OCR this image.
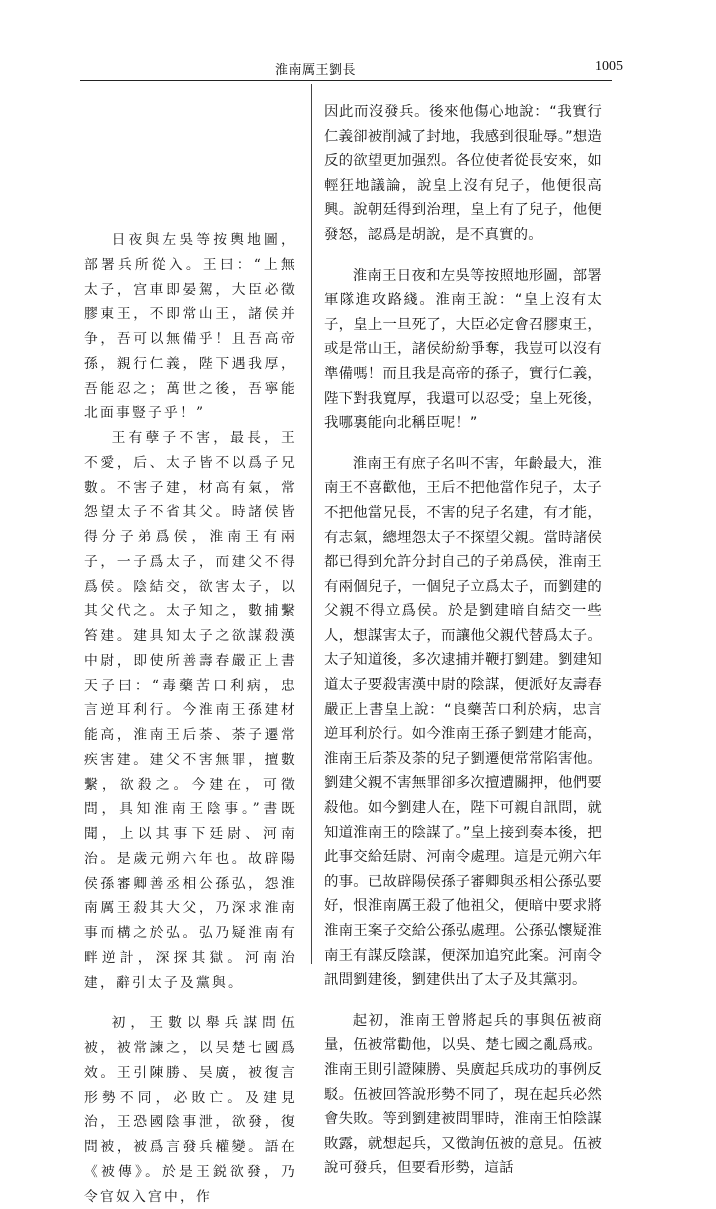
淮南厲王劉長	1005

日夜與左吳等按輿地圖，部署兵所從入。王曰：“上無太子，宫車即晏駕，大臣必徵膠東王，不即常山王，諸侯并争，吾可以無備乎！且吾高帝孫，親行仁義，陛下遇我厚，吾能忍之；萬世之後，吾寧能北面事豎子乎！”

王有孽子不害，最長，王不愛，后、太子皆不以爲子兄數。不害子建，材高有氣，常怨望太子不省其父。時諸侯皆得分子弟爲侯，淮南王有兩子，一子爲太子，而建父不得爲侯。陰結交，欲害太子，以其父代之。太子知之，數捕繫笞建。建具知太子之欲謀殺漢中尉，即使所善壽春嚴正上書天子曰：“毒藥苦口利病，忠言逆耳利行。今淮南王孫建材能高，淮南王后荼、荼子遷常疾害建。建父不害無罪，擅數繫，欲殺之。今建在，可徵問，具知淮南王陰事。”書既聞，上以其事下廷尉、河南治。是歲元朔六年也。故辟陽侯孫審卿善丞相公孫弘，怨淮南厲王殺其大父，乃深求淮南事而構之於弘。弘乃疑淮南有畔逆計，深探其獄。河南治建，辭引太子及黨與。

初，王數以舉兵謀問伍被，被常諫之，以吴楚七國爲效。王引陳勝、吴廣，被復言形勢不同，必敗亡。及建見治，王恐國陰事泄，欲發，復問被，被爲言發兵權變。語在《被傳》。於是王鋭欲發，乃令官奴入宫中，作

因此而沒發兵。後來他傷心地說：“我實行仁義卻被削減了封地，我感到很耻辱。”想造反的欲望更加强烈。各位使者從長安來，如輕狂地議論，說皇上沒有兒子，他便很高興。說朝廷得到治理，皇上有了兒子，他便發怒，認爲是胡說，是不真實的。

淮南王日夜和左吳等按照地形圖，部署軍隊進攻路綫。淮南王說：“皇上沒有太子，皇上一旦死了，大臣必定會召膠東王，或是常山王，諸侯紛紛爭奪，我豈可以沒有準備嗎！而且我是高帝的孫子，實行仁義，陛下對我寬厚，我還可以忍受；皇上死後，我哪裏能向北稱臣呢！”

淮南王有庶子名叫不害，年齡最大，淮南王不喜歡他，王后不把他當作兒子，太子不把他當兄長，不害的兒子名建，有才能，有志氣，總埋怨太子不探望父親。當時諸侯都已得到允許分封自己的子弟爲侯，淮南王有兩個兒子，一個兒子立爲太子，而劉建的父親不得立爲侯。於是劉建暗自結交一些人，想謀害太子，而讓他父親代替爲太子。太子知道後，多次逮捕并鞭打劉建。劉建知道太子要殺害漢中尉的陰謀，便派好友壽春嚴正上書皇上說：“良藥苦口利於病，忠言逆耳利於行。如今淮南王孫子劉建才能高，淮南王后荼及荼的兒子劉遷便常常陷害他。劉建父親不害無罪卻多次擅遭關押，他們要殺他。如今劉建人在，陛下可親自訊問，就知道淮南王的陰謀了。”皇上接到奏本後，把此事交給廷尉、河南令處理。這是元朔六年的事。已故辟陽侯孫子審卿與丞相公孫弘要好，恨淮南厲王殺了他祖父，便暗中要求將淮南王案子交給公孫弘處理。公孫弘懷疑淮南王有謀反陰謀，便深加追究此案。河南令訊問劉建後，劉建供出了太子及其黨羽。

起初，淮南王曾將起兵的事與伍被商量，伍被常勸他，以吳、楚七國之亂爲戒。淮南王則引證陳勝、吳廣起兵成功的事例反駁。伍被回答說形勢不同了，現在起兵必然會失敗。等到劉建被問罪時，淮南王怕陰謀敗露，就想起兵，又徵詢伍被的意見。伍被說可發兵，但要看形勢，這話
